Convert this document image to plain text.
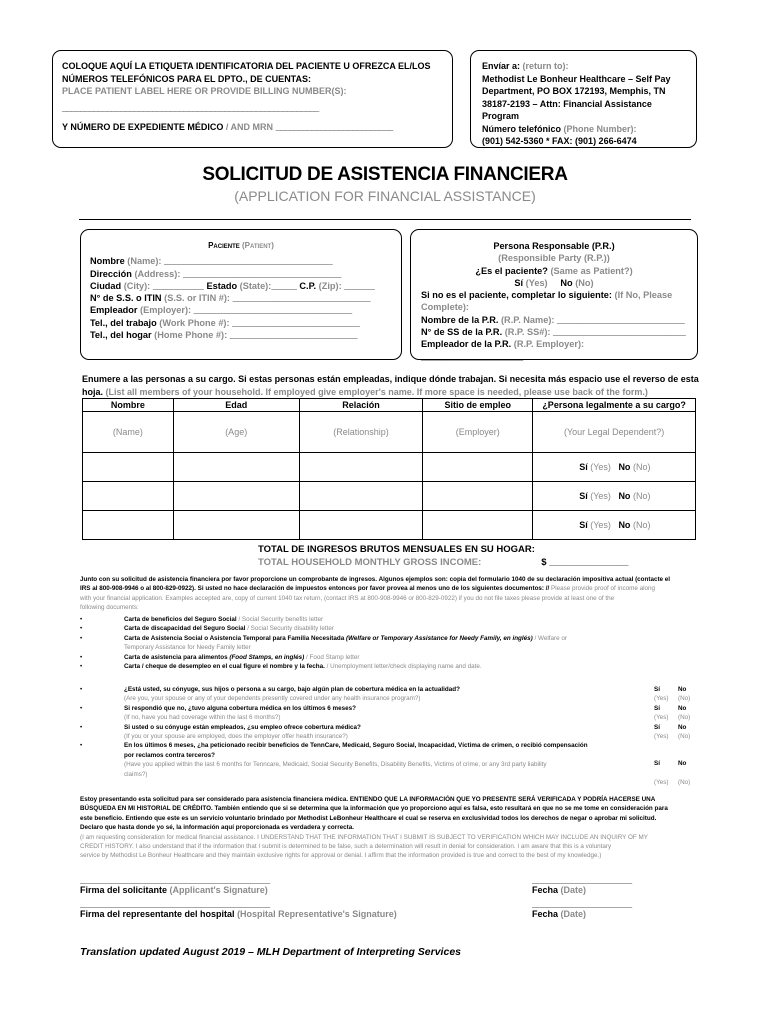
COLOQUE AQUÍ LA ETIQUETA IDENTIFICATORIA DEL PACIENTE U OFREZCA EL/LOS
NÚMEROS TELEFÓNICOS PARA EL DPTO., DE CUENTAS:
PLACE PATIENT LABEL HERE OR PROVIDE BILLING NUMBER(S):
_________________________________________________________
Y NÚMERO DE EXPEDIENTE MÉDICO / AND MRN __________________________
Envíar a: (return to):
Methodist Le Bonheur Healthcare – Self Pay
Department, PO BOX 172193, Memphis, TN
38187-2193 – Attn: Financial Assistance Program
Número telefónico (Phone Number):
(901) 542-5360 * FAX: (901) 266-6474
SOLICITUD DE ASISTENCIA FINANCIERA
(APPLICATION FOR FINANCIAL ASSISTANCE)
Paciente (Patient)
Nombre (Name): _________________________________
Dirección (Address): _______________________________
Ciudad (City): __________ Estado (State):_____ C.P. (Zip): ______
N° de S.S. o ITIN (S.S. or ITIN #): ___________________________
Empleador (Employer): _______________________________
Tel., del trabajo (Work Phone #): _________________________
Tel., del hogar (Home Phone #): _________________________
Persona Responsable (P.R.)
(Responsible Party (R.P.))
¿Es el paciente? (Same as Patient?)
Sí (Yes) No (No)
Si no es el paciente, completar lo siguiente: (If No, Please
Complete):
Nombre de la P.R. (R.P. Name): _________________________
N° de SS de la P.R. (R.P. SS#): __________________________
Empleador de la P.R. (R.P. Employer): ____________________
Enumere a las personas a su cargo. Si estas personas están empleadas, indique dónde trabajan. Si necesita más espacio use el reverso de esta
hoja. (List all members of your household. If employed give employer's name. If more space is needed, please use back of the form.)
Nombre	Edad	Relación	Sitio de empleo	¿Persona legalmente a su cargo?
(Name)	(Age)	(Relationship)	(Employer)	(Your Legal Dependent?)
				Sí (Yes) No (No)
				Sí (Yes) No (No)
				Sí (Yes) No (No)
TOTAL DE INGRESOS BRUTOS MENSUALES EN SU HOGAR:
TOTAL HOUSEHOLD MONTHLY GROSS INCOME:	$ _______________
Junto con su solicitud de asistencia financiera por favor proporcione un comprobante de ingresos. Algunos ejemplos son: copia del formulario 1040 de su declaración impositiva actual (contacte el
IRS al 800-908-9946 o al 800-829-0922). Si usted no hace declaración de impuestos entonces por favor provea al menos uno de los siguientes documentos: // Please provide proof of income along
with your financial application. Examples accepted are, copy of current 1040 tax return, (contact IRS at 800-908-9946 or 800-829-0922) if you do not file taxes please provide at least one of the
following documents:
•	Carta de beneficios del Seguro Social / Social Security benefits letter
•	Carta de discapacidad del Seguro Social / Social Security disability letter
•	Carta de Asistencia Social o Asistencia Temporal para Familia Necesitada (Welfare or Temporary Assistance for Needy Family, en inglés) / Welfare or
Temporary Assistance for Needy Family letter
•	Carta de asistencia para alimentos (Food Stamps, en inglés) / Food Stamp letter
•	Carta / cheque de desempleo en el cual figure el nombre y la fecha. / Unemployment letter/check displaying name and date.
•	¿Está usted, su cónyuge, sus hijos o persona a su cargo, bajo algún plan de cobertura médica en la actualidad?
(Are you, your spouse or any of your dependents presently covered under any health insurance program?)
Sí
(Yes)
No
(No)
•	Si respondió que no, ¿tuvo alguna cobertura médica en los últimos 6 meses?
(If no, have you had coverage within the last 6 months?)
Sí
(Yes)
No
(No)
•	Si usted o su cónyuge están empleados, ¿su empleo ofrece cobertura médica?
(If you or your spouse are employed, does the employer offer health insurance?)
Sí
(Yes)
No
(No)
•	En los últimos 6 meses, ¿ha peticionado recibir beneficios de TennCare, Medicaid, Seguro Social, Incapacidad, Víctima de crimen, o recibió compensación
por reclamos contra terceros?
(Have you applied within the last 6 months for Tenncare, Medicaid, Social Security Benefits, Disability Benefits, Victims of crime, or any 3rd party liability
claims?)
Sí

(Yes)
No

(No)
Estoy presentando esta solicitud para ser considerado para asistencia financiera médica. ENTIENDO QUE LA INFORMACIÓN QUE YO PRESENTE SERÁ VERIFICADA Y PODRÍA HACERSE UNA
BÚSQUEDA EN MI HISTORIAL DE CRÉDITO. También entiendo que si se determina que la información que yo proporciono aquí es falsa, esto resultará en que no se me tome en consideración para
este beneficio. Entiendo que este es un servicio voluntario brindado por Methodist LeBonheur Healthcare el cual se reserva en exclusividad todos los derechos de negar o aprobar mi solicitud.
Declaro que hasta donde yo sé, la información aquí proporcionada es verdadera y correcta.
(I am requesting consideration for medical financial assistance. I UNDERSTAND THAT THE INFORMATION THAT I SUBMIT IS SUBJECT TO VERIFICATION WHICH MAY INCLUDE AN INQUIRY OF MY
CREDIT HISTORY. I also understand that if the information that I submit is determined to be false, such a determination will result in denial for consideration. I am aware that this is a voluntary
service by Methodist Le Bonheur Healthcare and they maintain exclusive rights for approval or denial. I affirm that the information provided is true and correct to the best of my knowledge.)
______________________________________
Firma del solicitante (Applicant's Signature)
______________________________________
Firma del representante del hospital (Hospital Representative's Signature)
____________________
Fecha (Date)
____________________
Fecha (Date)
Translation updated August 2019 – MLH Department of Interpreting Services
